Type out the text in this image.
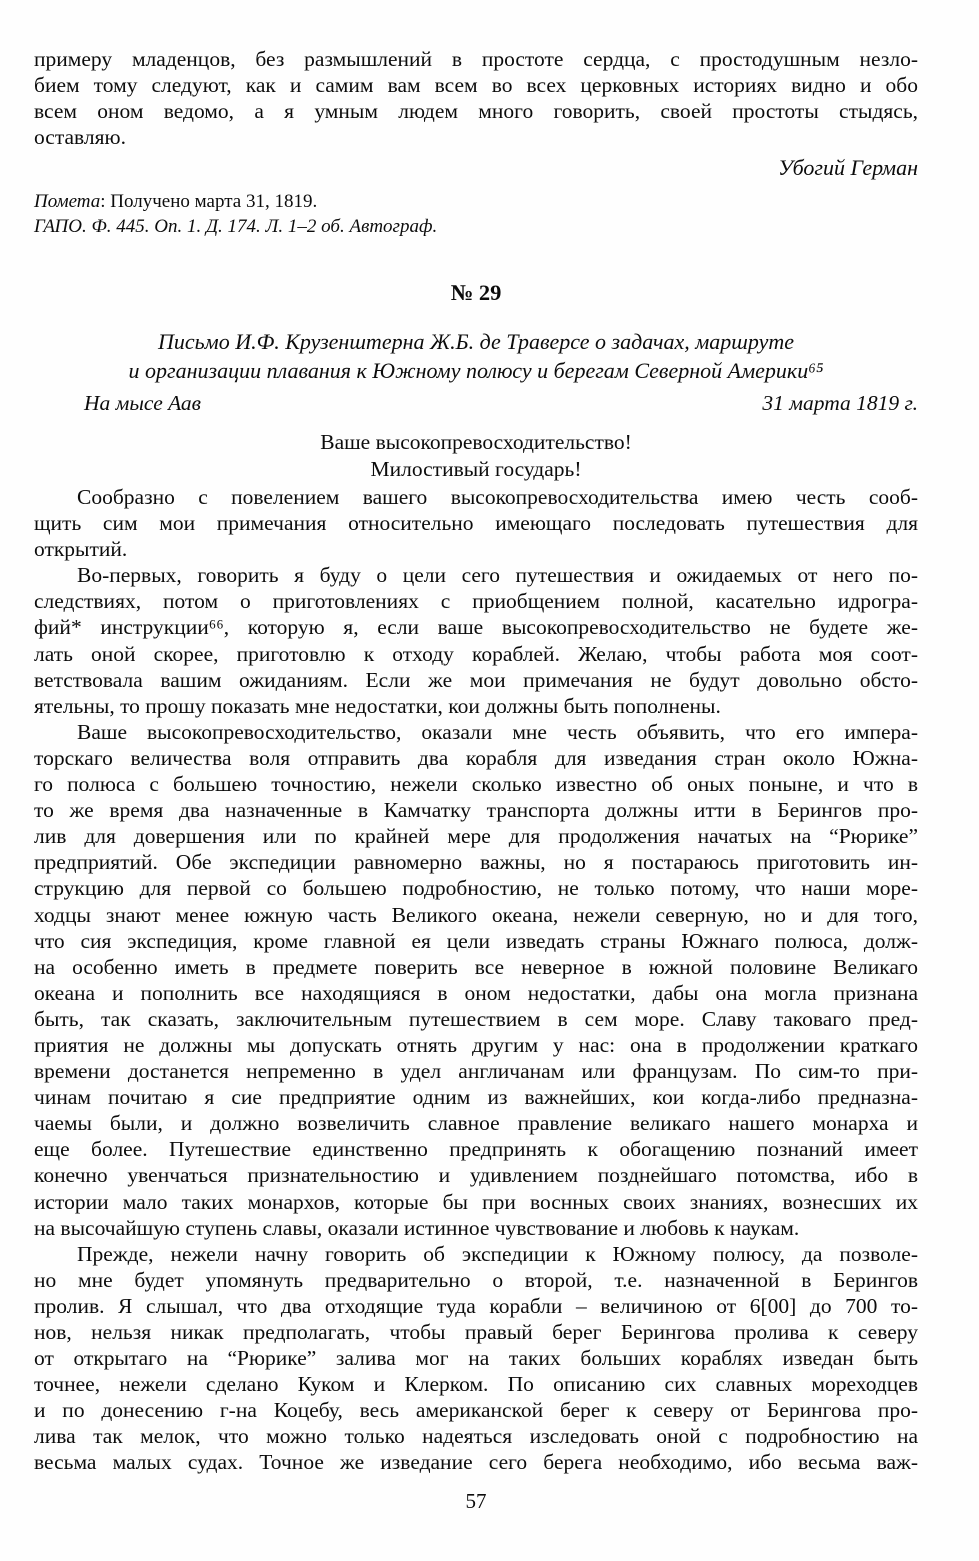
примеру младенцов, без размышлений в простоте сердца, с простодушным незло-
бием тому следуют, как и самим вам всем во всех церковных историях видно и обо
всем оном ведомо, а я умным людем много говорить, своей простоты стыдясь,
оставляю.
Убогий Герман
Помета: Получено марта 31, 1819.
ГАПО. Ф. 445. Оп. 1. Д. 174. Л. 1–2 об. Автограф.
№ 29
Письмо И.Ф. Крузенштерна Ж.Б. де Траверсе о задачах, маршруте
и организации плавания к Южному полюсу и берегам Северной Америки⁶⁵
На мысе Аав	31 марта 1819 г.
Ваше высокопревосходительство!
Милостивый государь!
Сообразно с повелением вашего высокопревосходительства имею честь сооб-
щить сим мои примечания относительно имеющаго последовать путешествия для
открытий.
Во-первых, говорить я буду о цели сего путешествия и ожидаемых от него по-
следствиях, потом о приготовлениях с приобщением полной, касательно идрогра-
фий* инструкции⁶⁶, которую я, если ваше высокопревосходительство не будете же-
лать оной скорее, приготовлю к отходу кораблей. Желаю, чтобы работа моя соот-
ветствовала вашим ожиданиям. Если же мои примечания не будут довольно обсто-
ятельны, то прошу показать мне недостатки, кои должны быть пополнены.
Ваше высокопревосходительство, оказали мне честь объявить, что его импера-
торскаго величества воля отправить два корабля для изведания стран около Южна-
го полюса с большею точностию, нежели сколько известно об оных поныне, и что в
то же время два назначенные в Камчатку транспорта должны итти в Берингов про-
лив для довершения или по крайней мере для продолжения начатых на “Рюрике”
предприятий. Обе экспедиции равномерно важны, но я постараюсь приготовить ин-
струкцию для первой со большею подробностию, не только потому, что наши море-
ходцы знают менее южную часть Великого океана, нежели северную, но и для того,
что сия экспедиция, кроме главной ея цели изведать страны Южнаго полюса, долж-
на особенно иметь в предмете поверить все неверное в южной половине Великаго
океана и пополнить все находящияся в оном недостатки, дабы она могла признана
быть, так сказать, заключительным путешествием в сем море. Славу таковаго пред-
приятия не должны мы допускать отнять другим у нас: она в продолжении краткаго
времени достанется непременно в удел англичанам или французам. По сим-то при-
чинам почитаю я сие предприятие одним из важнейших, кои когда-либо предназна-
чаемы были, и должно возвеличить славное правление великаго нашего монарха и
еще более. Путешествие единственно предпринять к обогащению познаний имеет
конечно увенчаться признательностию и удивлением позднейшаго потомства, ибо в
истории мало таких монархов, которые бы при воснных своих знаниях, вознесших их
на высочайшую ступень славы, оказали истинное чувствование и любовь к наукам.
Прежде, нежели начну говорить об экспедиции к Южному полюсу, да позволе-
но мне будет упомянуть предварительно о второй, т.е. назначенной в Берингов
пролив. Я слышал, что два отходящие туда корабли – величиною от 6[00] до 700 то-
нов, нельзя никак предполагать, чтобы правый берег Берингова пролива к северу
от открытаго на “Рюрике” залива мог на таких больших кораблях изведан быть
точнее, нежели сделано Куком и Клерком. По описанию сих славных мореходцев
и по донесению г-на Коцебу, весь американской берег к северу от Берингова про-
лива так мелок, что можно только надеяться изследовать оной с подробностию на
весьма малых судах. Точное же изведание сего берега необходимо, ибо весьма важ-
57
